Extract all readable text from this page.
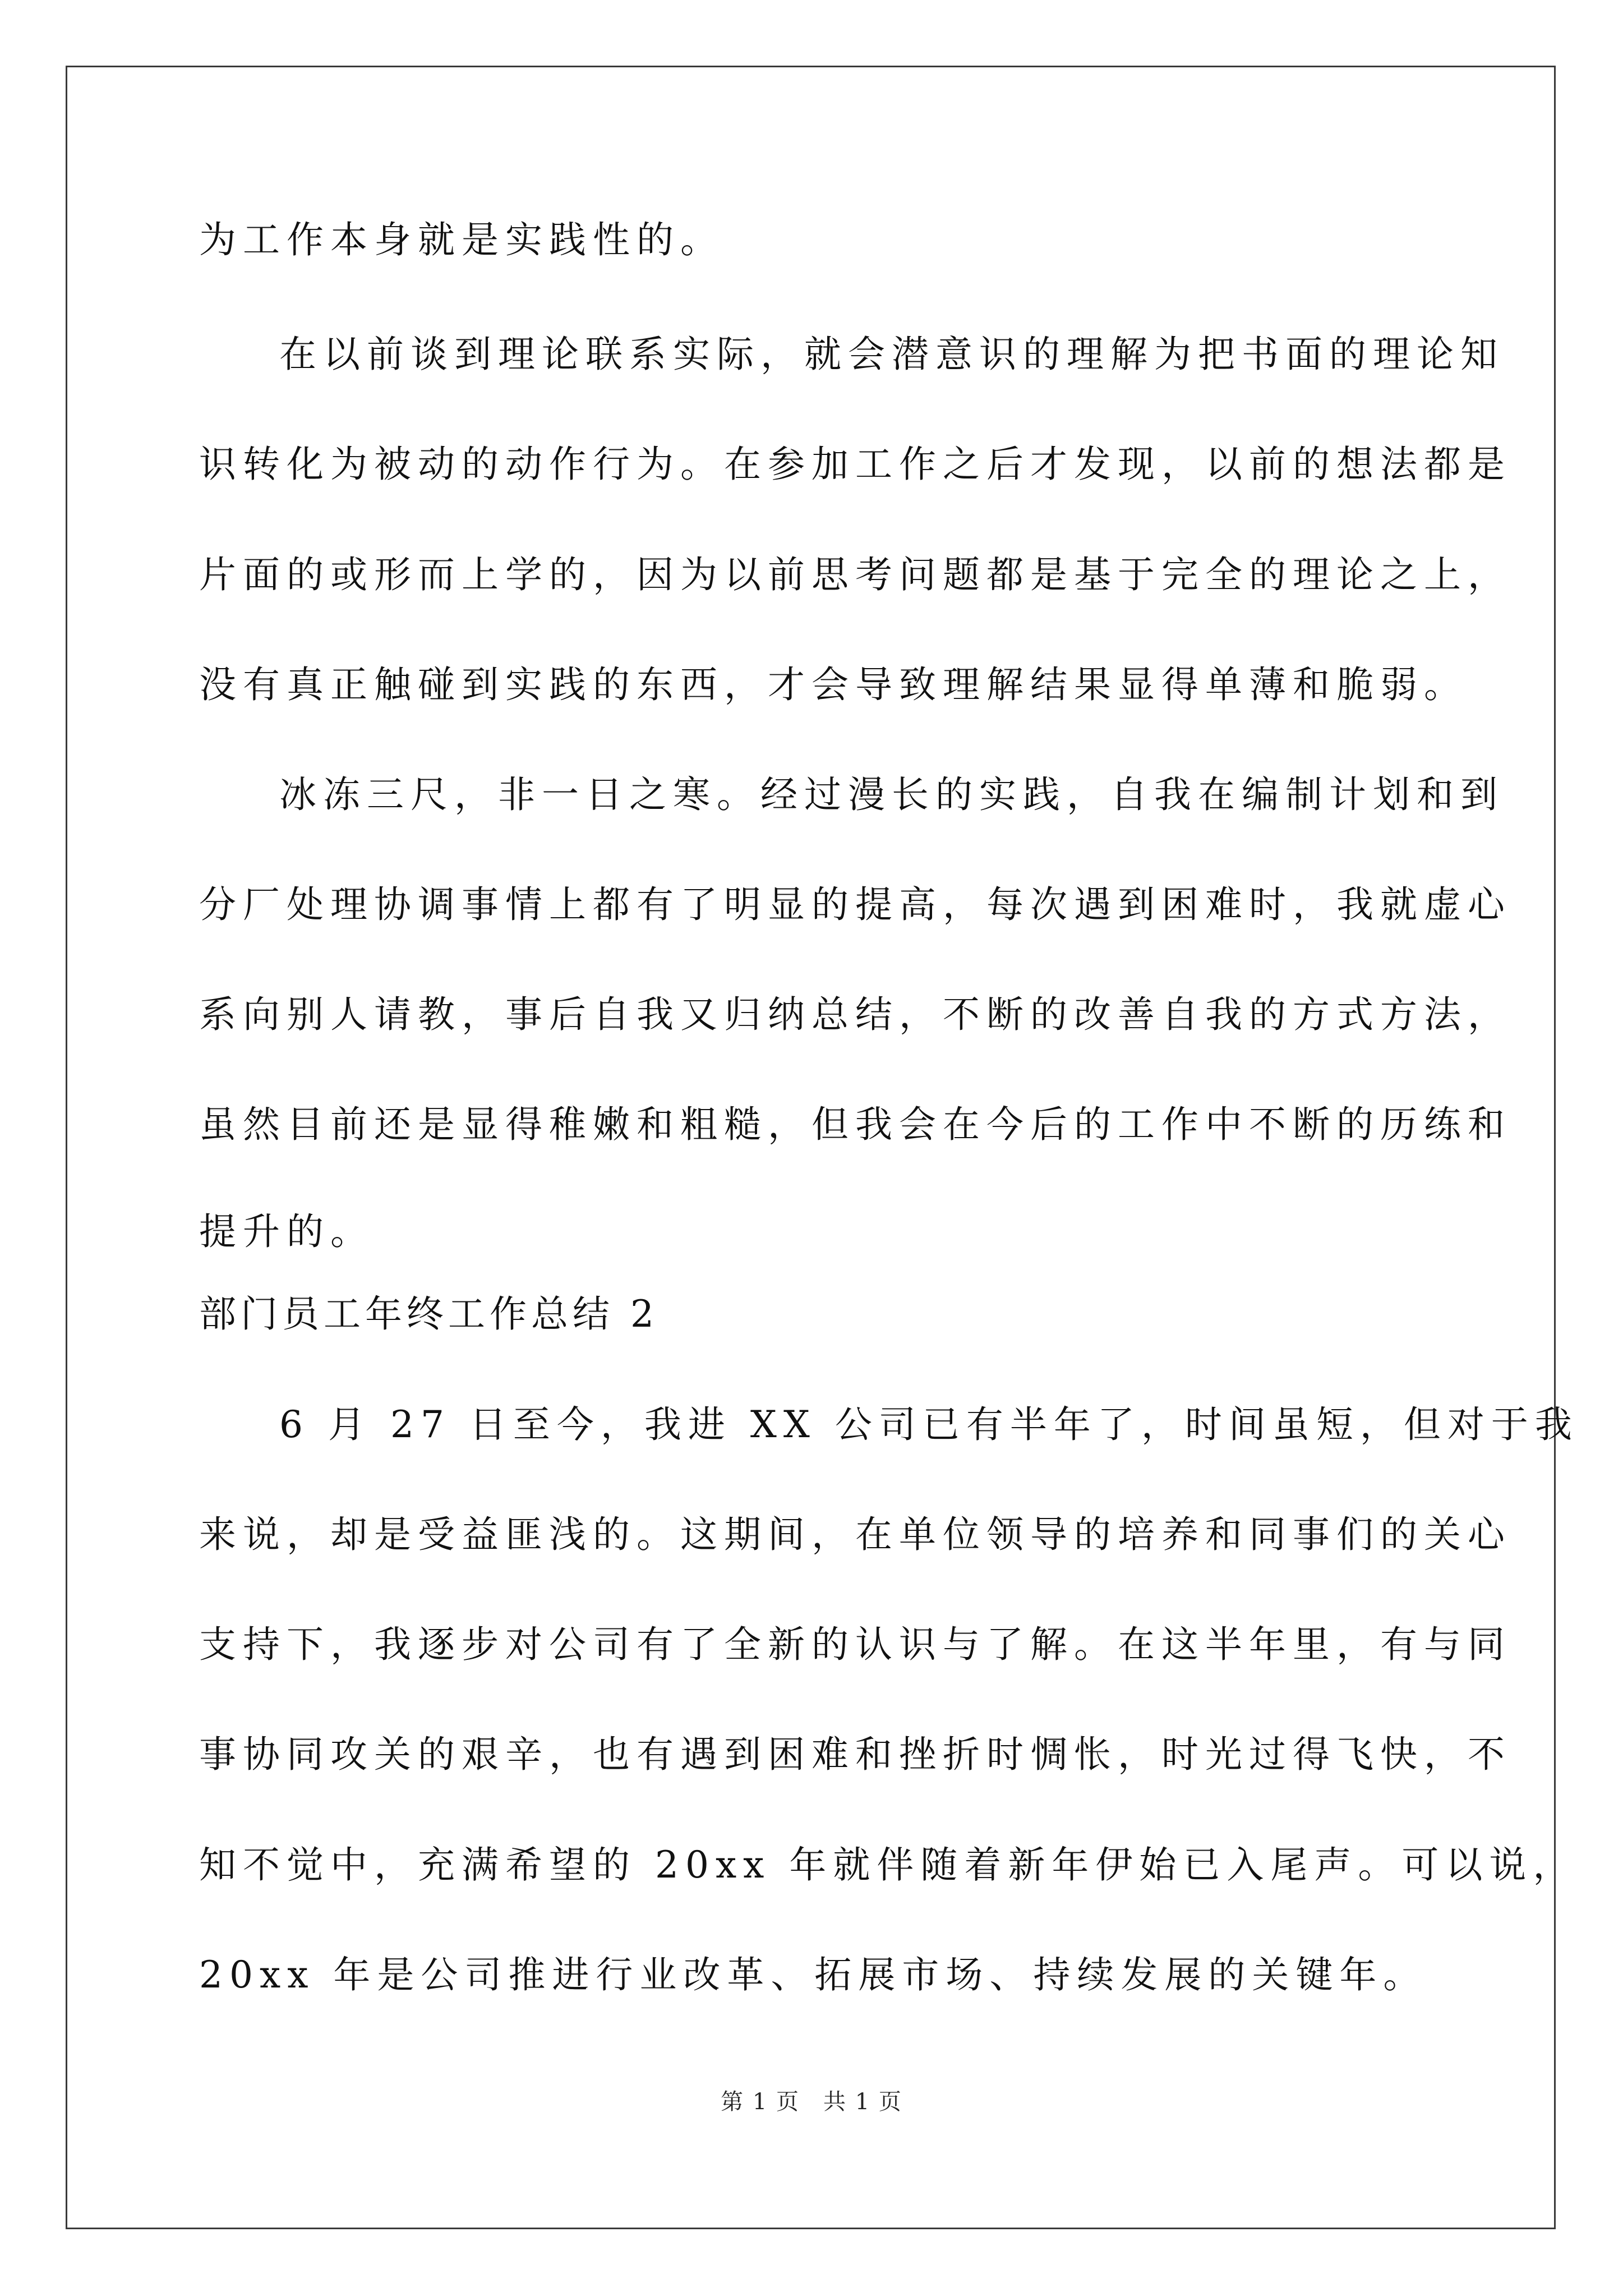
为工作本身就是实践性的。
在以前谈到理论联系实际，就会潜意识的理解为把书面的理论知
识转化为被动的动作行为。在参加工作之后才发现，以前的想法都是
片面的或形而上学的，因为以前思考问题都是基于完全的理论之上，
没有真正触碰到实践的东西，才会导致理解结果显得单薄和脆弱。
冰冻三尺，非一日之寒。经过漫长的实践，自我在编制计划和到
分厂处理协调事情上都有了明显的提高，每次遇到困难时，我就虚心
系向别人请教，事后自我又归纳总结，不断的改善自我的方式方法，
虽然目前还是显得稚嫩和粗糙，但我会在今后的工作中不断的历练和
提升的。
部门员工年终工作总结 2
6 月 27 日至今，我进 XX 公司已有半年了，时间虽短，但对于我
来说，却是受益匪浅的。这期间，在单位领导的培养和同事们的关心
支持下，我逐步对公司有了全新的认识与了解。在这半年里，有与同
事协同攻关的艰辛，也有遇到困难和挫折时惆怅，时光过得飞快，不
知不觉中，充满希望的 20xx 年就伴随着新年伊始已入尾声。可以说，
20xx 年是公司推进行业改革、拓展市场、持续发展的关键年。
第 1 页　共 1 页
